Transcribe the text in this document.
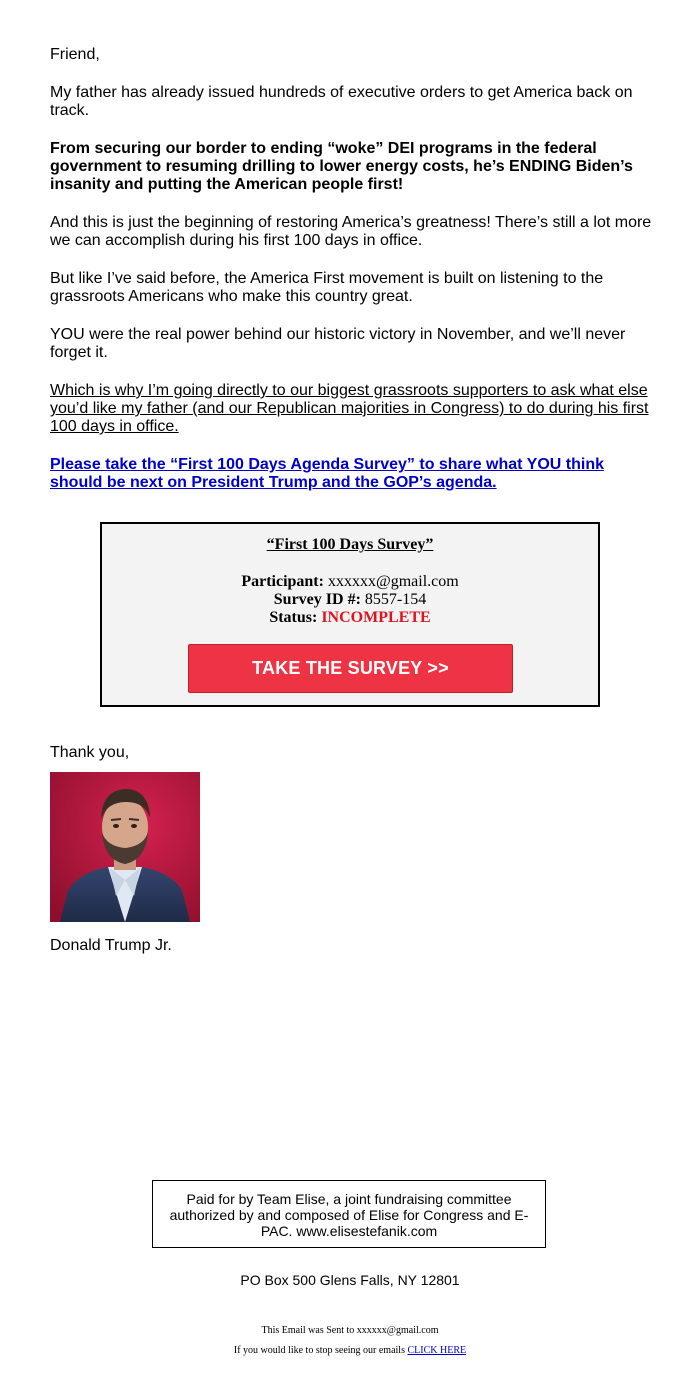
Friend,

My father has already issued hundreds of executive orders to get America back on track.

From securing our border to ending “woke” DEI programs in the federal government to resuming drilling to lower energy costs, he’s ENDING Biden’s insanity and putting the American people first!

And this is just the beginning of restoring America’s greatness! There’s still a lot more we can accomplish during his first 100 days in office.

But like I’ve said before, the America First movement is built on listening to the grassroots Americans who make this country great.

YOU were the real power behind our historic victory in November, and we’ll never forget it.

Which is why I’m going directly to our biggest grassroots supporters to ask what else you’d like my father (and our Republican majorities in Congress) to do during his first 100 days in office.

Please take the “First 100 Days Agenda Survey” to share what YOU think should be next on President Trump and the GOP’s agenda.

“First 100 Days Survey”
Participant: xxxxxx@gmail.com
Survey ID #: 8557-154
Status: INCOMPLETE
TAKE THE SURVEY >>
Thank you,
Donald Trump Jr.
Paid for by Team Elise, a joint fundraising committee authorized by and composed of Elise for Congress and E-PAC. www.elisestefanik.com
PO Box 500 Glens Falls, NY 12801
This Email was Sent to xxxxxx@gmail.com
If you would like to stop seeing our emails CLICK HERE
